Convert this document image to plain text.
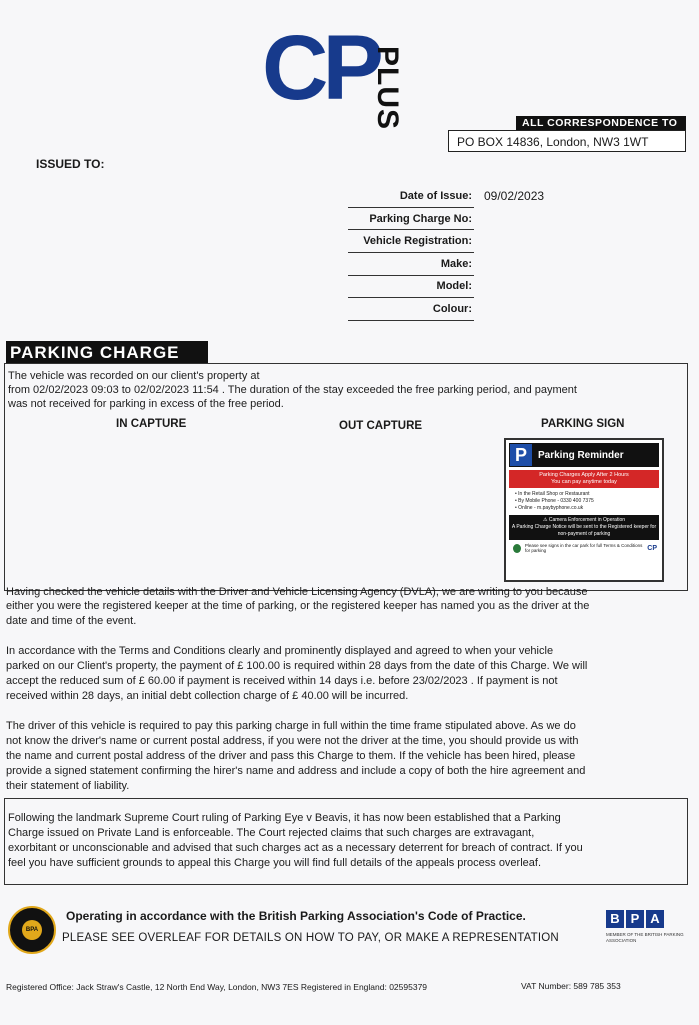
CP
PLUS	ALL CORRESPONDENCE TO
PO BOX 14836, London, NW3 1WT
ISSUED TO:
Date of Issue: 09/02/2023
Parking Charge No:
Vehicle Registration:
Make:
Model:
Colour:
PARKING CHARGE
The vehicle was recorded on our client's property at
from 02/02/2023 09:03 to 02/02/2023 11:54 . The duration of the stay exceeded the free parking period, and payment
was not received for parking in excess of the free period.
IN CAPTURE	OUT CAPTURE	PARKING SIGN
P	Parking Reminder
Parking Charges Apply After 2 Hours
You can pay anytime today
• In the Retail Shop or Restaurant
• By Mobile Phone - 0330 400 7375
• Online - m.paybyphone.co.uk
⚠ Camera Enforcement in Operation
A Parking Charge Notice will be sent to the Registered keeper for non-payment of parking
Please see signs in the car park for full Terms & Conditions for parking	CP
Having checked the vehicle details with the Driver and Vehicle Licensing Agency (DVLA), we are writing to you because
either you were the registered keeper at the time of parking, or the registered keeper has named you as the driver at the
date and time of the event.
In accordance with the Terms and Conditions clearly and prominently displayed and agreed to when your vehicle
parked on our Client's property, the payment of £ 100.00 is required within 28 days from the date of this Charge. We will
accept the reduced sum of £ 60.00 if payment is received within 14 days i.e. before 23/02/2023 . If payment is not
received within 28 days, an initial debt collection charge of £ 40.00 will be incurred.
The driver of this vehicle is required to pay this parking charge in full within the time frame stipulated above. As we do
not know the driver's name or current postal address, if you were not the driver at the time, you should provide us with
the name and current postal address of the driver and pass this Charge to them. If the vehicle has been hired, please
provide a signed statement confirming the hirer's name and address and include a copy of both the hire agreement and
their statement of liability.
Following the landmark Supreme Court ruling of Parking Eye v Beavis, it has now been established that a Parking
Charge issued on Private Land is enforceable. The Court rejected claims that such charges are extravagant,
exorbitant or unconscionable and advised that such charges act as a necessary deterrent for breach of contract. If you
feel you have sufficient grounds to appeal this Charge you will find full details of the appeals process overleaf.
BPA
Operating in accordance with the British Parking Association's Code of Practice.
PLEASE SEE OVERLEAF FOR DETAILS ON HOW TO PAY, OR MAKE A REPRESENTATION
B P A
MEMBER OF THE BRITISH PARKING ASSOCIATION
Registered Office: Jack Straw's Castle, 12 North End Way, London, NW3 7ES Registered in England: 02595379	VAT Number: 589 785 353
